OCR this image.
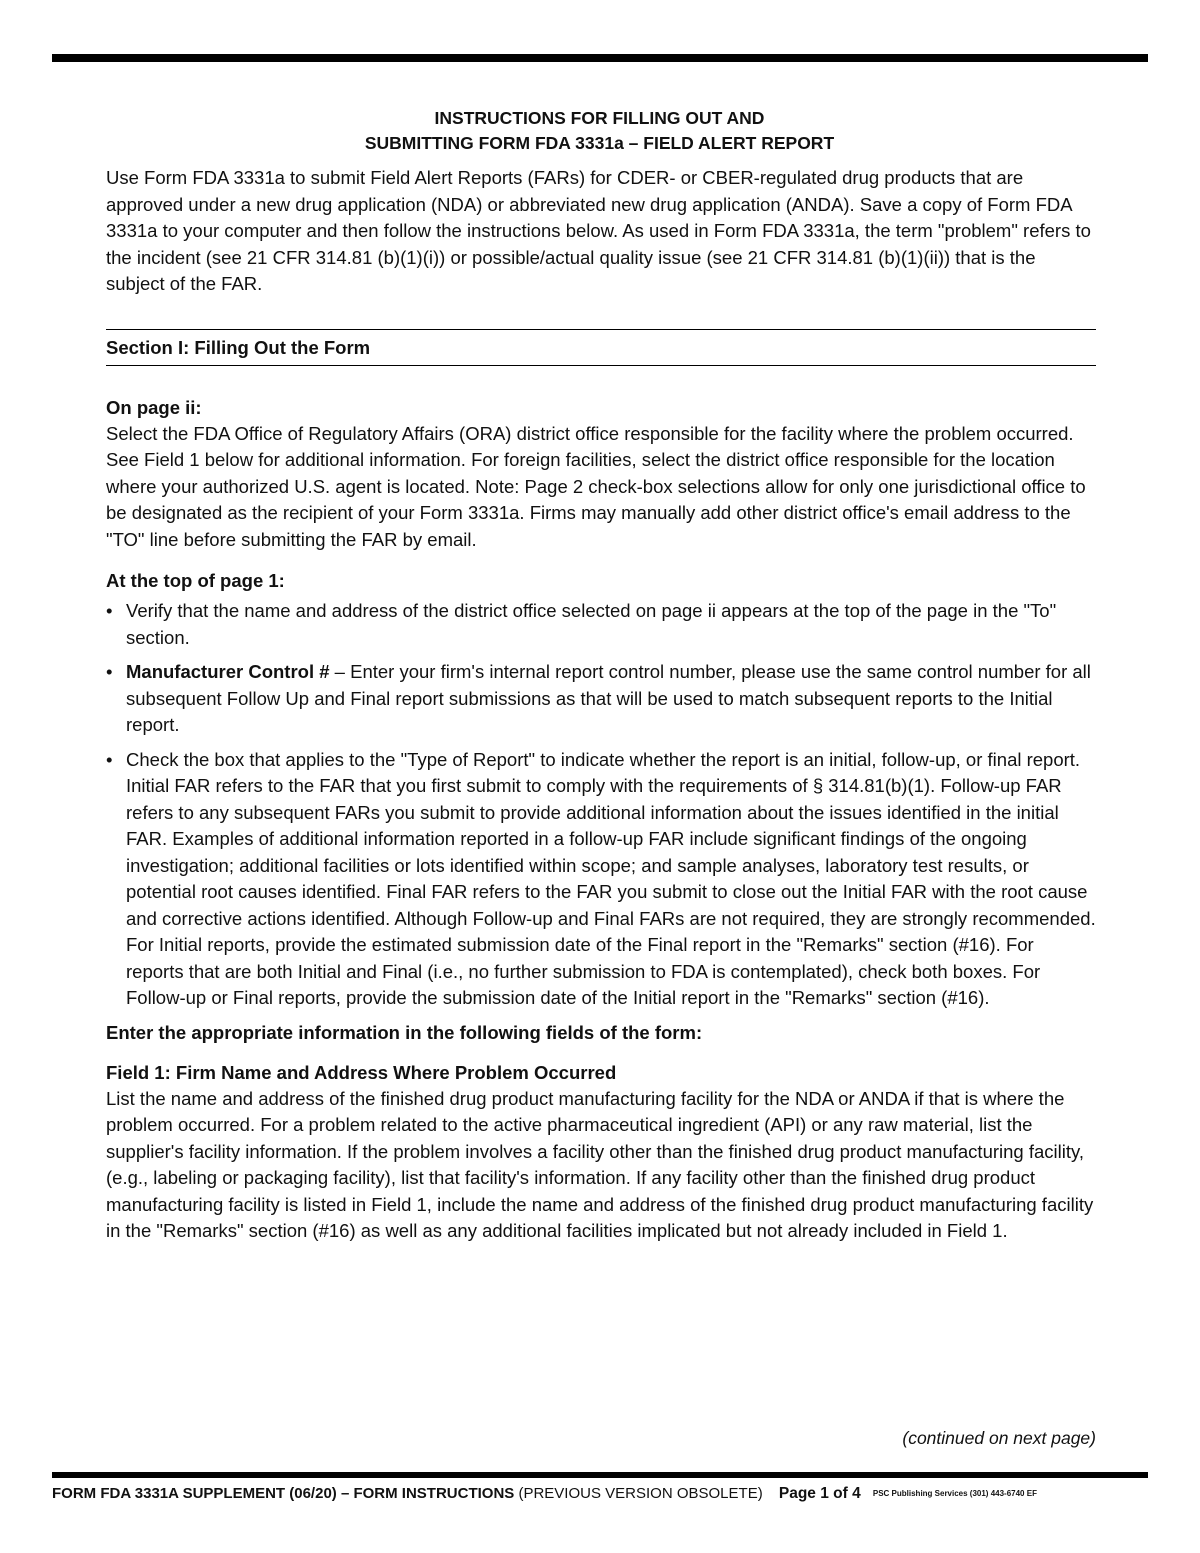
INSTRUCTIONS FOR FILLING OUT AND
SUBMITTING FORM FDA 3331a – FIELD ALERT REPORT

Use Form FDA 3331a to submit Field Alert Reports (FARs) for CDER- or CBER-regulated drug products that are approved under a new drug application (NDA) or abbreviated new drug application (ANDA). Save a copy of Form FDA 3331a to your computer and then follow the instructions below. As used in Form FDA 3331a, the term "problem" refers to the incident (see 21 CFR 314.81 (b)(1)(i)) or possible/actual quality issue (see 21 CFR 314.81 (b)(1)(ii)) that is the subject of the FAR.

Section I: Filling Out the Form
On page ii:

Select the FDA Office of Regulatory Affairs (ORA) district office responsible for the facility where the problem occurred. See Field 1 below for additional information. For foreign facilities, select the district office responsible for the location where your authorized U.S. agent is located. Note: Page 2 check-box selections allow for only one jurisdictional office to be designated as the recipient of your Form 3331a. Firms may manually add other district office's email address to the "TO" line before submitting the FAR by email.

At the top of page 1:
• Verify that the name and address of the district office selected on page ii appears at the top of the page in the "To" section.
• Manufacturer Control # – Enter your firm's internal report control number, please use the same control number for all subsequent Follow Up and Final report submissions as that will be used to match subsequent reports to the Initial report.
• Check the box that applies to the "Type of Report" to indicate whether the report is an initial, follow-up, or final report. Initial FAR refers to the FAR that you first submit to comply with the requirements of § 314.81(b)(1). Follow-up FAR refers to any subsequent FARs you submit to provide additional information about the issues identified in the initial FAR. Examples of additional information reported in a follow-up FAR include significant findings of the ongoing investigation; additional facilities or lots identified within scope; and sample analyses, laboratory test results, or potential root causes identified. Final FAR refers to the FAR you submit to close out the Initial FAR with the root cause and corrective actions identified. Although Follow-up and Final FARs are not required, they are strongly recommended. For Initial reports, provide the estimated submission date of the Final report in the "Remarks" section (#16). For reports that are both Initial and Final (i.e., no further submission to FDA is contemplated), check both boxes. For Follow-up or Final reports, provide the submission date of the Initial report in the "Remarks" section (#16).
Enter the appropriate information in the following fields of the form:
Field 1: Firm Name and Address Where Problem Occurred

List the name and address of the finished drug product manufacturing facility for the NDA or ANDA if that is where the problem occurred. For a problem related to the active pharmaceutical ingredient (API) or any raw material, list the supplier's facility information. If the problem involves a facility other than the finished drug product manufacturing facility, (e.g., labeling or packaging facility), list that facility's information. If any facility other than the finished drug product manufacturing facility is listed in Field 1, include the name and address of the finished drug product manufacturing facility in the "Remarks" section (#16) as well as any additional facilities implicated but not already included in Field 1.

(continued on next page)
FORM FDA 3331A SUPPLEMENT (06/20) – FORM INSTRUCTIONS (PREVIOUS VERSION OBSOLETE) Page 1 of 4 PSC Publishing Services (301) 443-6740 EF
